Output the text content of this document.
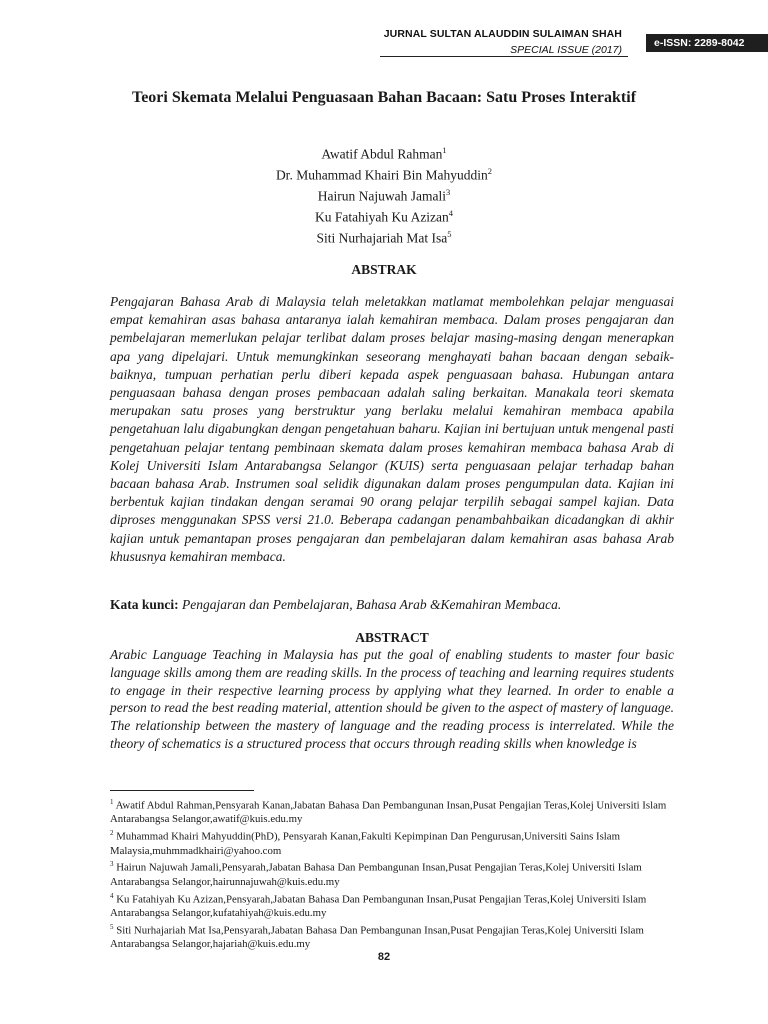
JURNAL SULTAN ALAUDDIN SULAIMAN SHAH
SPECIAL ISSUE (2017)
e-ISSN: 2289-8042
Teori Skemata Melalui Penguasaan Bahan Bacaan: Satu Proses Interaktif
Awatif Abdul Rahman$^1$
Dr. Muhammad Khairi Bin Mahyuddin$^2$
Hairun Najuwah Jamali$^3$
Ku Fatahiyah Ku Azizan$^4$
Siti Nurhajariah Mat Isa$^5$
ABSTRAK
Pengajaran Bahasa Arab di Malaysia telah meletakkan matlamat membolehkan pelajar menguasai empat kemahiran asas bahasa antaranya ialah kemahiran membaca. Dalam proses pengajaran dan pembelajaran memerlukan pelajar terlibat dalam proses belajar masing-masing dengan menerapkan apa yang dipelajari. Untuk memungkinkan seseorang menghayati bahan bacaan dengan sebaik-baiknya, tumpuan perhatian perlu diberi kepada aspek penguasaan bahasa. Hubungan antara penguasaan bahasa dengan proses pembacaan adalah saling berkaitan. Manakala teori skemata merupakan satu proses yang berstruktur yang berlaku melalui kemahiran membaca apabila pengetahuan lalu digabungkan dengan pengetahuan baharu. Kajian ini bertujuan untuk mengenal pasti pengetahuan pelajar tentang pembinaan skemata dalam proses kemahiran membaca bahasa Arab di Kolej Universiti Islam Antarabangsa Selangor (KUIS) serta penguasaan pelajar terhadap bahan bacaan bahasa Arab. Instrumen soal selidik digunakan dalam proses pengumpulan data. Kajian ini berbentuk kajian tindakan dengan seramai 90 orang pelajar terpilih sebagai sampel kajian. Data diproses menggunakan SPSS versi 21.0. Beberapa cadangan penambahbaikan dicadangkan di akhir kajian untuk pemantapan proses pengajaran dan pembelajaran dalam kemahiran asas bahasa Arab khususnya kemahiran membaca.
Kata kunci: Pengajaran dan Pembelajaran, Bahasa Arab &Kemahiran Membaca.
ABSTRACT
Arabic Language Teaching in Malaysia has put the goal of enabling students to master four basic language skills among them are reading skills. In the process of teaching and learning requires students to engage in their respective learning process by applying what they learned. In order to enable a person to read the best reading material, attention should be given to the aspect of mastery of language. The relationship between the mastery of language and the reading process is interrelated. While the theory of schematics is a structured process that occurs through reading skills when knowledge is

$^1$ Awatif Abdul Rahman,Pensyarah Kanan,Jabatan Bahasa Dan Pembangunan Insan,Pusat Pengajian Teras,Kolej Universiti Islam Antarabangsa Selangor,awatif@kuis.edu.my

$^2$ Muhammad Khairi Mahyuddin(PhD), Pensyarah Kanan,Fakulti Kepimpinan Dan Pengurusan,Universiti Sains Islam Malaysia,muhmmadkhairi@yahoo.com

$^3$ Hairun Najuwah Jamali,Pensyarah,Jabatan Bahasa Dan Pembangunan Insan,Pusat Pengajian Teras,Kolej Universiti Islam Antarabangsa Selangor,hairunnajuwah@kuis.edu.my

$^4$ Ku Fatahiyah Ku Azizan,Pensyarah,Jabatan Bahasa Dan Pembangunan Insan,Pusat Pengajian Teras,Kolej Universiti Islam Antarabangsa Selangor,kufatahiyah@kuis.edu.my

$^5$ Siti Nurhajariah Mat Isa,Pensyarah,Jabatan Bahasa Dan Pembangunan Insan,Pusat Pengajian Teras,Kolej Universiti Islam Antarabangsa Selangor,hajariah@kuis.edu.my

82
